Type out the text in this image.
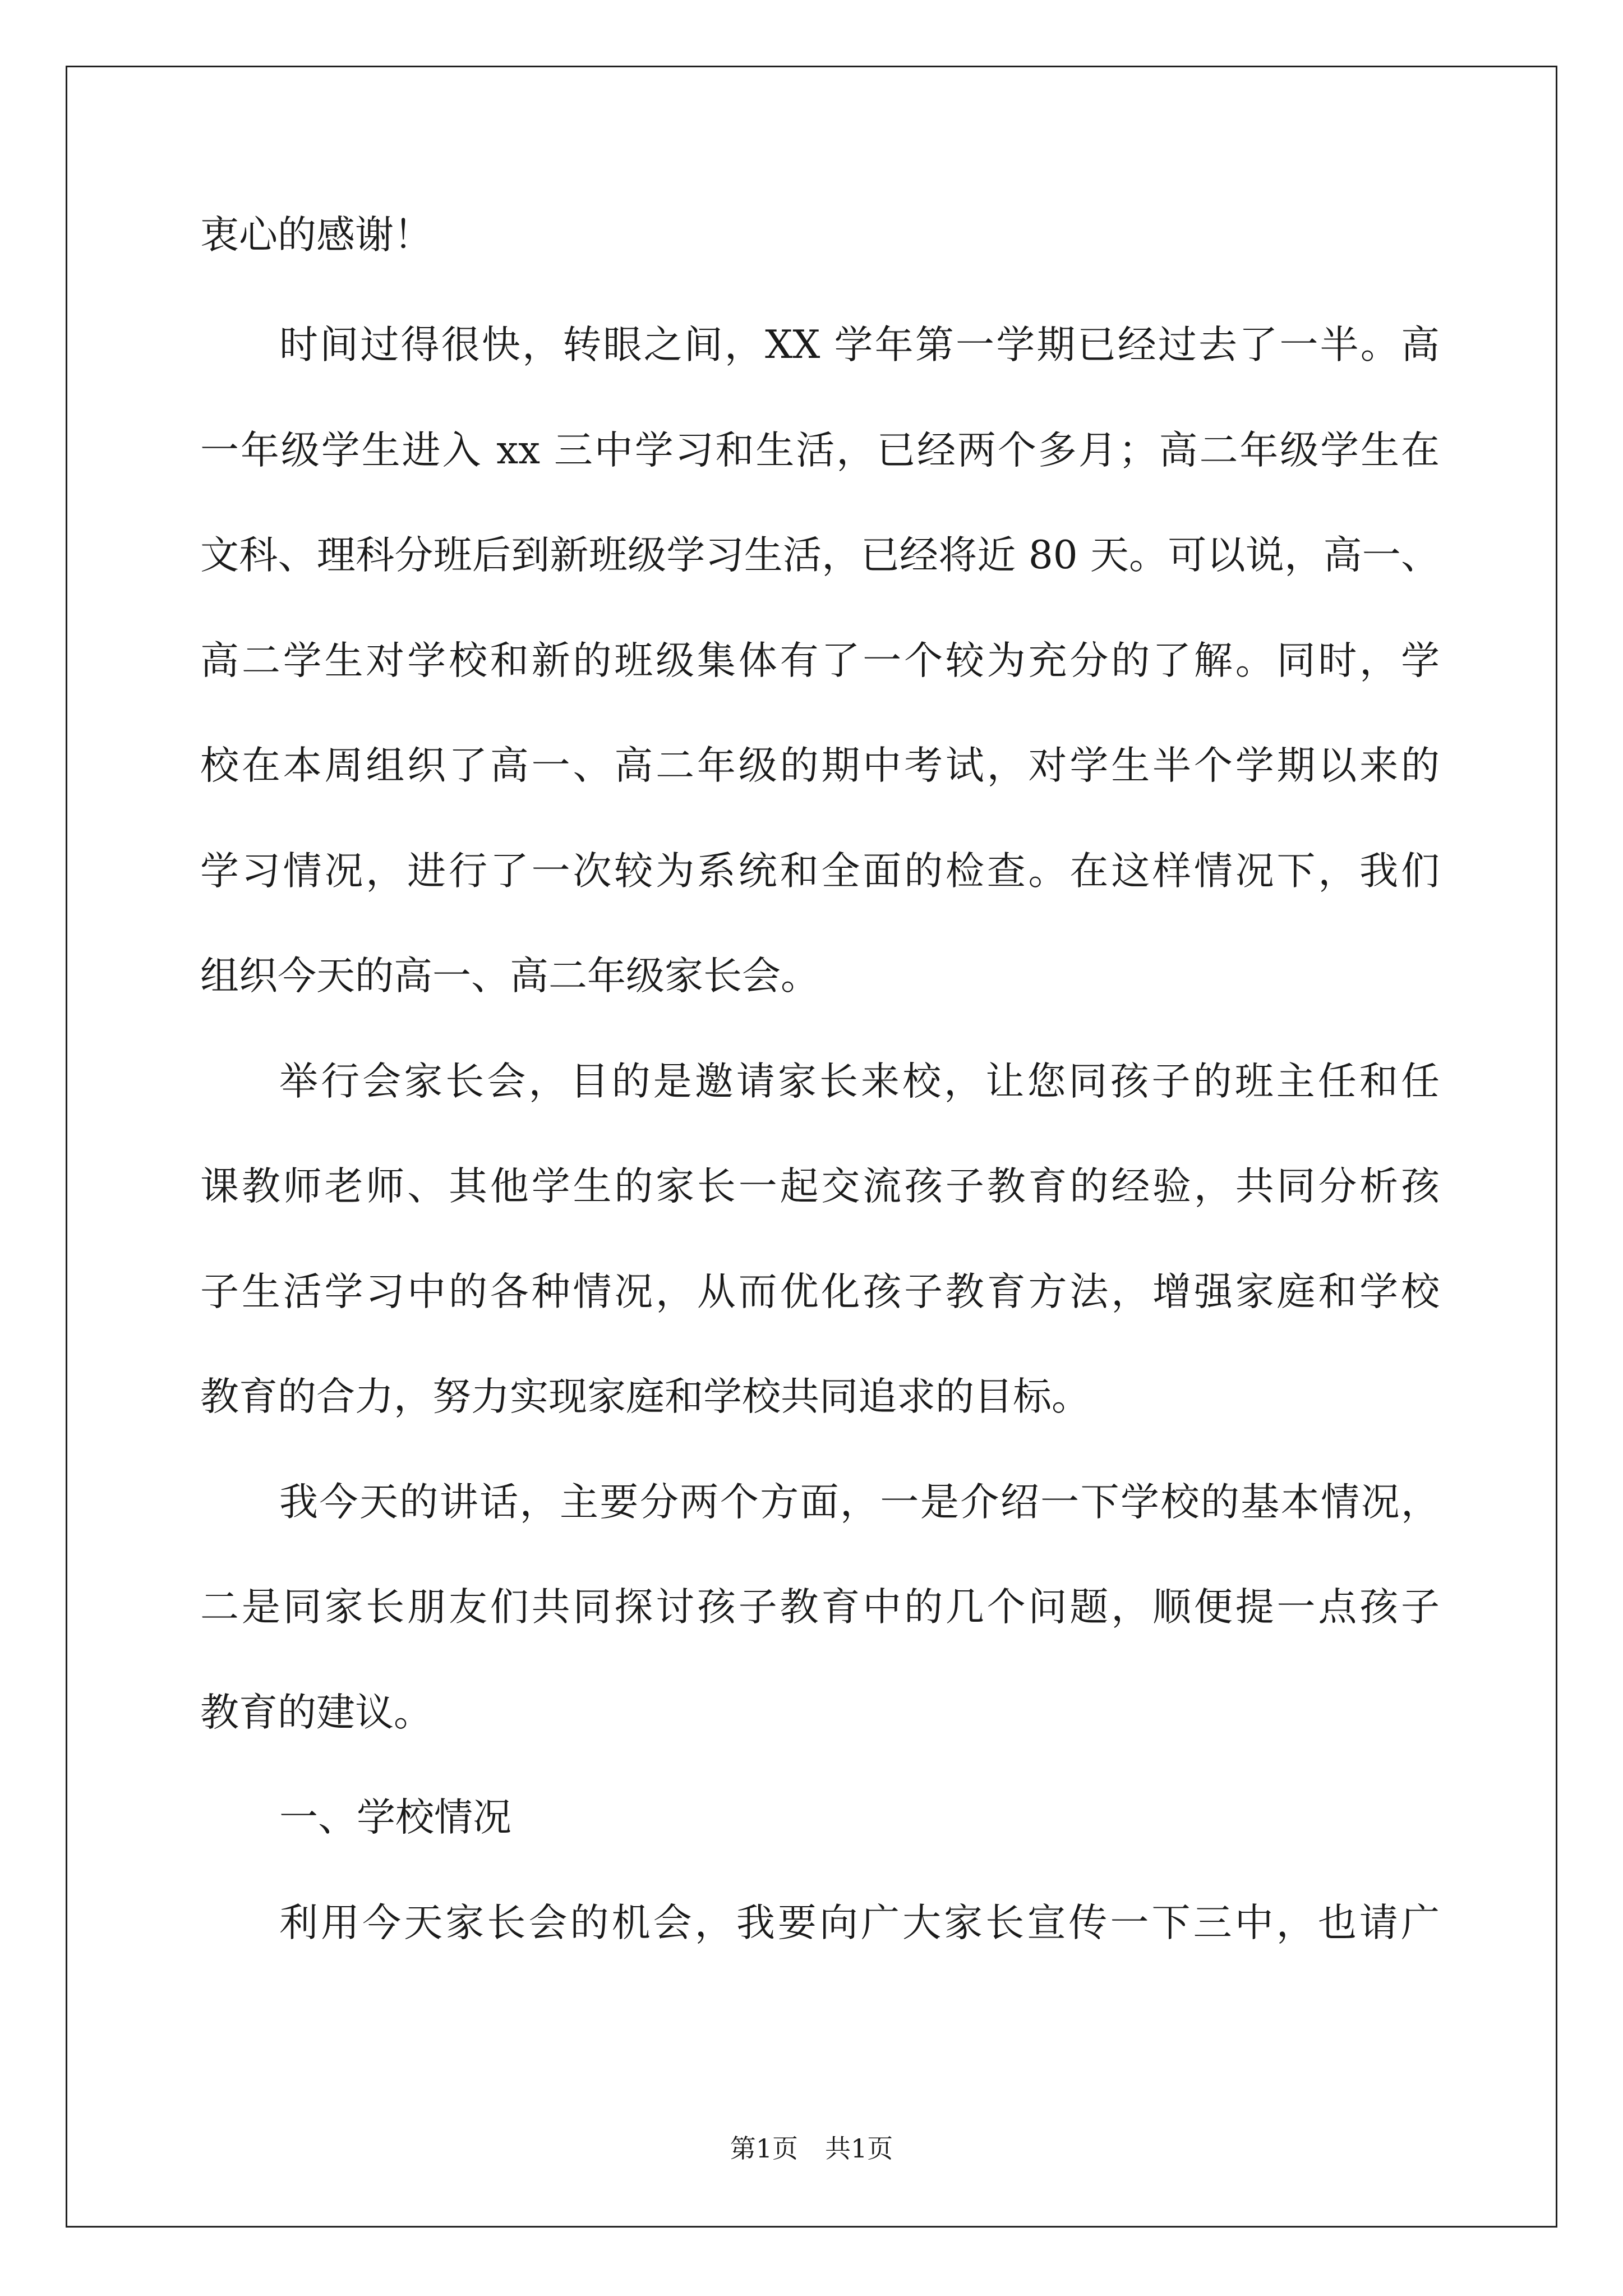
衷心的感谢！
时间过得很快，转眼之间，XX 学年第一学期已经过去了一半。高
一年级学生进入 xx 三中学习和生活，已经两个多月；高二年级学生在
文科、理科分班后到新班级学习生活，已经将近 80 天。可以说，高一、
高二学生对学校和新的班级集体有了一个较为充分的了解。同时，学
校在本周组织了高一、高二年级的期中考试，对学生半个学期以来的
学习情况，进行了一次较为系统和全面的检查。在这样情况下，我们
组织今天的高一、高二年级家长会。
举行会家长会，目的是邀请家长来校，让您同孩子的班主任和任
课教师老师、其他学生的家长一起交流孩子教育的经验，共同分析孩
子生活学习中的各种情况，从而优化孩子教育方法，增强家庭和学校
教育的合力，努力实现家庭和学校共同追求的目标。
我今天的讲话，主要分两个方面，一是介绍一下学校的基本情况，
二是同家长朋友们共同探讨孩子教育中的几个问题，顺便提一点孩子
教育的建议。
一、学校情况
利用今天家长会的机会，我要向广大家长宣传一下三中，也请广
第1页 共1页
